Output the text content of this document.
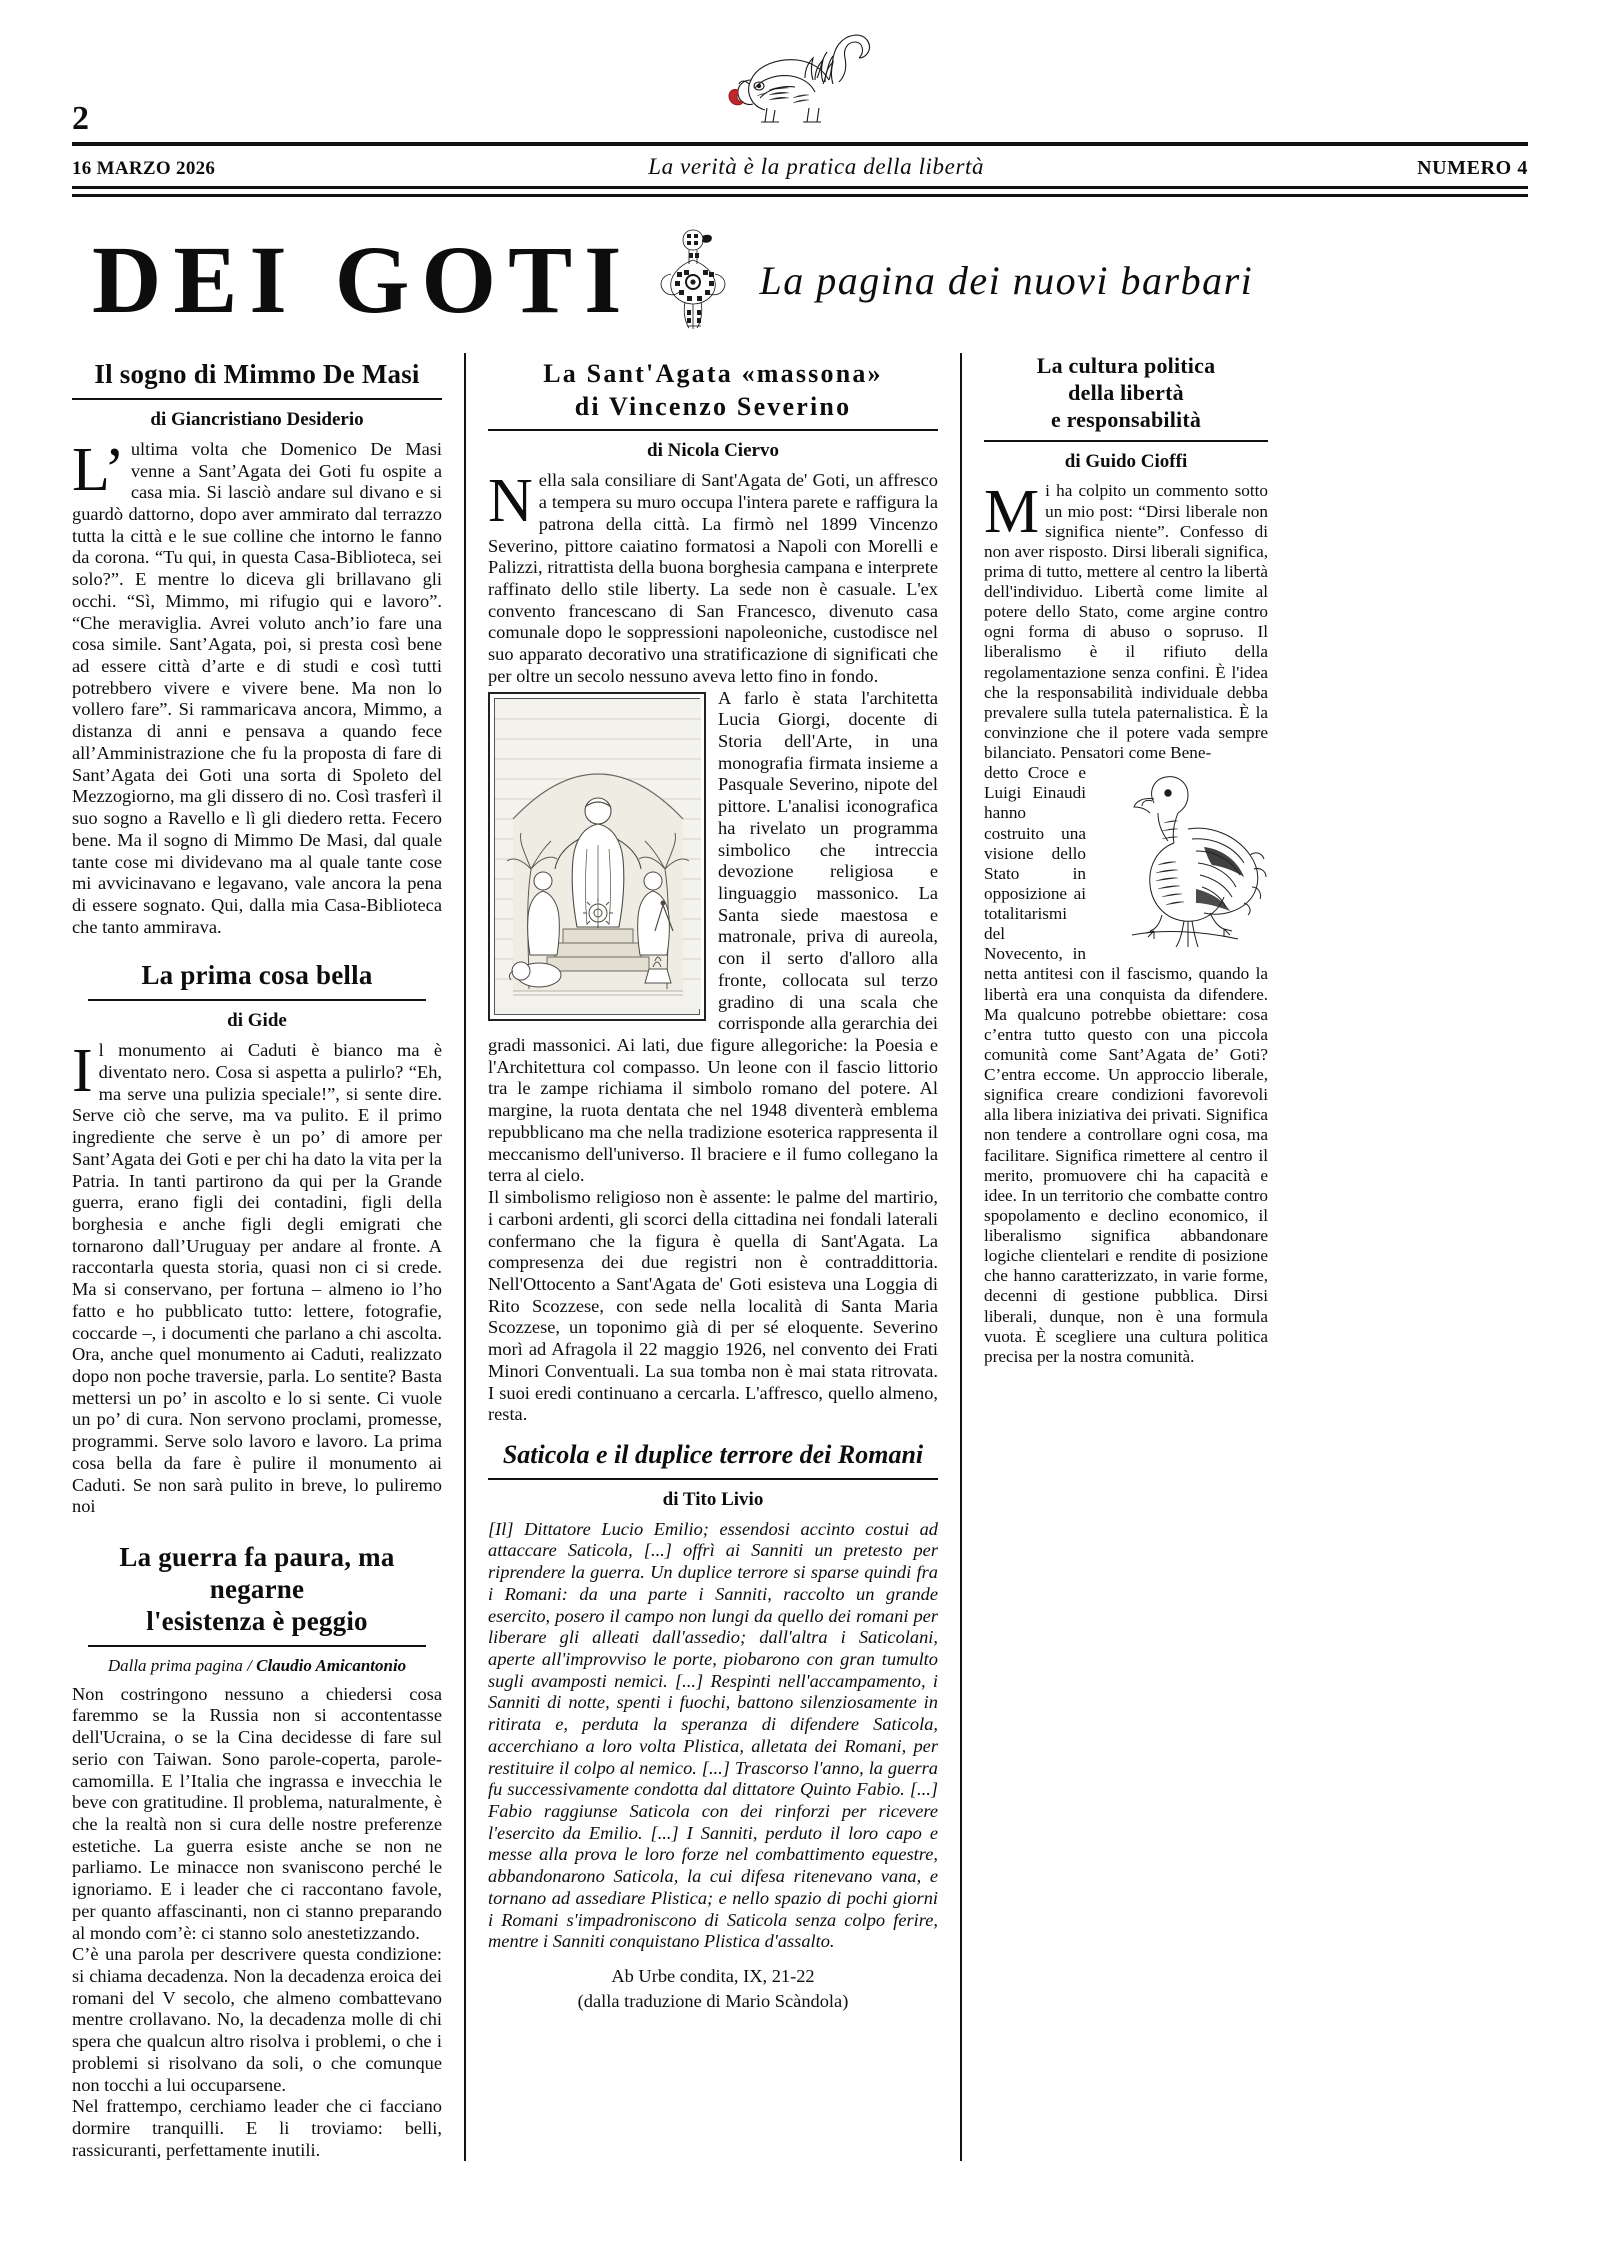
2
16 MARZO 2026	La verità è la pratica della libertà	NUMERO 4
DEI GOTI	La pagina dei nuovi barbari
Il sogno di Mimmo De Masi
di Giancristiano Desiderio

L’ultima volta che Domenico De Masi venne a Sant’Agata dei Goti fu ospite a casa mia. Si lasciò andare sul divano e si guardò dattorno, dopo aver ammirato dal terrazzo tutta la città e le sue colline che intorno le fanno da corona. “Tu qui, in questa Casa-Biblioteca, sei solo?”. E mentre lo diceva gli brillavano gli occhi. “Sì, Mimmo, mi rifugio qui e lavoro”. “Che meraviglia. Avrei voluto anch’io fare una cosa simile. Sant’Agata, poi, si presta così bene ad essere città d’arte e di studi e così tutti potrebbero vivere e vivere bene. Ma non lo vollero fare”. Si rammaricava ancora, Mimmo, a distanza di anni e pensava a quando fece all’Amministrazione che fu la proposta di fare di Sant’Agata dei Goti una sorta di Spoleto del Mezzogiorno, ma gli dissero di no. Così trasferì il suo sogno a Ravello e lì gli diedero retta. Fecero bene. Ma il sogno di Mimmo De Masi, dal quale tante cose mi dividevano ma al quale tante cose mi avvicinavano e legavano, vale ancora la pena di essere sognato. Qui, dalla mia Casa-Biblioteca che tanto ammirava.

La prima cosa bella
di Gide

Il monumento ai Caduti è bianco ma è diventato nero. Cosa si aspetta a pulirlo? “Eh, ma serve una pulizia speciale!”, si sente dire. Serve ciò che serve, ma va pulito. E il primo ingrediente che serve è un po’ di amore per Sant’Agata dei Goti e per chi ha dato la vita per la Patria. In tanti partirono da qui per la Grande guerra, erano figli dei contadini, figli della borghesia e anche figli degli emigrati che tornarono dall’Uruguay per andare al fronte. A raccontarla questa storia, quasi non ci si crede. Ma si conservano, per fortuna – almeno io l’ho fatto e ho pubblicato tutto: lettere, fotografie, coccarde –, i documenti che parlano a chi ascolta. Ora, anche quel monumento ai Caduti, realizzato dopo non poche traversie, parla. Lo sentite? Basta mettersi un po’ in ascolto e lo si sente. Ci vuole un po’ di cura. Non servono proclami, promesse, programmi. Serve solo lavoro e lavoro. La prima cosa bella da fare è pulire il monumento ai Caduti. Se non sarà pulito in breve, lo puliremo noi

La guerra fa paura, ma negarne
l'esistenza è peggio
Dalla prima pagina / Claudio Amicantonio

Non costringono nessuno a chiedersi cosa faremmo se la Russia non si accontentasse dell'Ucraina, o se la Cina decidesse di fare sul serio con Taiwan. Sono parole-coperta, parole-camomilla. E l’Italia che ingrassa e invecchia le beve con gratitudine. Il problema, naturalmente, è che la realtà non si cura delle nostre preferenze estetiche. La guerra esiste anche se non ne parliamo. Le minacce non svaniscono perché le ignoriamo. E i leader che ci raccontano favole, per quanto affascinanti, non ci stanno preparando al mondo com’è: ci stanno solo anestetizzando.

C’è una parola per descrivere questa condizione: si chiama decadenza. Non la decadenza eroica dei romani del V secolo, che almeno combattevano mentre crollavano. No, la decadenza molle di chi spera che qualcun altro risolva i problemi, o che i problemi si risolvano da soli, o che comunque non tocchi a lui occuparsene.

Nel frattempo, cerchiamo leader che ci facciano dormire tranquilli. E li troviamo: belli, rassicuranti, perfettamente inutili.

La Sant'Agata «massona»
di Vincenzo Severino
di Nicola Ciervo

Nella sala consiliare di Sant'Agata de' Goti, un affresco a tempera su muro occupa l'intera parete e raffigura la patrona della città. La firmò nel 1899 Vincenzo Severino, pittore caiatino formatosi a Napoli con Morelli e Palizzi, ritrattista della buona borghesia campana e interprete raffinato dello stile liberty. La sede non è casuale. L'ex convento francescano di San Francesco, divenuto casa comunale dopo le soppressioni napoleoniche, custodisce nel suo apparato decorativo una stratificazione di significati che per oltre un secolo nessuno aveva letto fino in fondo.

A farlo è stata l'architetta Lucia Giorgi, docente di Storia dell'Arte, in una monografia firmata insieme a Pasquale Severino, nipote del pittore. L'analisi iconografica ha rivelato un programma simbolico che intreccia devozione religiosa e linguaggio massonico. La Santa siede maestosa e matronale, priva di aureola, con il serto d'alloro alla fronte, collocata sul terzo gradino di una scala che corrisponde alla gerarchia dei gradi massonici. Ai lati, due figure allegoriche: la Poesia e l'Architettura col compasso. Un leone con il fascio littorio tra le zampe richiama il simbolo romano del potere. Al margine, la ruota dentata che nel 1948 diventerà emblema repubblicano ma che nella tradizione esoterica rappresenta il meccanismo dell'universo. Il braciere e il fumo collegano la terra al cielo.

Il simbolismo religioso non è assente: le palme del martirio, i carboni ardenti, gli scorci della cittadina nei fondali laterali confermano che la figura è quella di Sant'Agata. La compresenza dei due registri non è contraddittoria. Nell'Ottocento a Sant'Agata de' Goti esisteva una Loggia di Rito Scozzese, con sede nella località di Santa Maria Scozzese, un toponimo già di per sé eloquente. Severino morì ad Afragola il 22 maggio 1926, nel convento dei Frati Minori Conventuali. La sua tomba non è mai stata ritrovata. I suoi eredi continuano a cercarla. L'affresco, quello almeno, resta.

Saticola e il duplice terrore dei Romani
di Tito Livio

[Il] Dittatore Lucio Emilio; essendosi accinto costui ad attaccare Saticola, [...] offrì ai Sanniti un pretesto per riprendere la guerra. Un duplice terrore si sparse quindi fra i Romani: da una parte i Sanniti, raccolto un grande esercito, posero il campo non lungi da quello dei romani per liberare gli alleati dall'assedio; dall'altra i Saticolani, aperte all'improvviso le porte, piobarono con gran tumulto sugli avamposti nemici. [...] Respinti nell'accampamento, i Sanniti di notte, spenti i fuochi, battono silenziosamente in ritirata e, perduta la speranza di difendere Saticola, accerchiano a loro volta Plistica, alletata dei Romani, per restituire il colpo al nemico. [...] Trascorso l'anno, la guerra fu successivamente condotta dal dittatore Quinto Fabio. [...] Fabio raggiunse Saticola con dei rinforzi per ricevere l'esercito da Emilio. [...] I Sanniti, perduto il loro capo e messe alla prova le loro forze nel combattimento equestre, abbandonarono Saticola, la cui difesa ritenevano vana, e tornano ad assediare Plistica; e nello spazio di pochi giorni i Romani s'impadroniscono di Saticola senza colpo ferire, mentre i Sanniti conquistano Plistica d'assalto.

Ab Urbe condita, IX, 21-22
(dalla traduzione di Mario Scàndola)
La cultura politica
della libertà
e responsabilità
di Guido Cioffi

Mi ha colpito un commento sotto un mio post: “Dirsi liberale non significa niente”. Confesso di non aver risposto. Dirsi liberali significa, prima di tutto, mettere al centro la libertà dell'individuo. Libertà come limite al potere dello Stato, come argine contro ogni forma di abuso o sopruso. Il liberalismo è il rifiuto della regolamentazione senza confini. È l'idea che la responsabilità individuale debba prevalere sulla tutela paternalistica. È la convinzione che il potere vada sempre bilanciato. Pensatori come Bene-

detto Croce e Luigi Einaudi hanno costruito una visione dello Stato in opposizione ai totalitarismi del Novecento, in netta antitesi con il fascismo, quando la libertà era una conquista da difendere. Ma qualcuno potrebbe obiettare: cosa c’entra tutto questo con una piccola comunità come Sant’Agata de’ Goti? C’entra eccome. Un approccio liberale, significa creare condizioni favorevoli alla libera iniziativa dei privati. Significa non tendere a controllare ogni cosa, ma facilitare. Significa rimettere al centro il merito, promuovere chi ha capacità e idee. In un territorio che combatte contro spopolamento e declino economico, il liberalismo significa abbandonare logiche clientelari e rendite di posizione che hanno caratterizzato, in varie forme, decenni di gestione pubblica. Dirsi liberali, dunque, non è una formula vuota. È scegliere una cultura politica precisa per la nostra comunità.
